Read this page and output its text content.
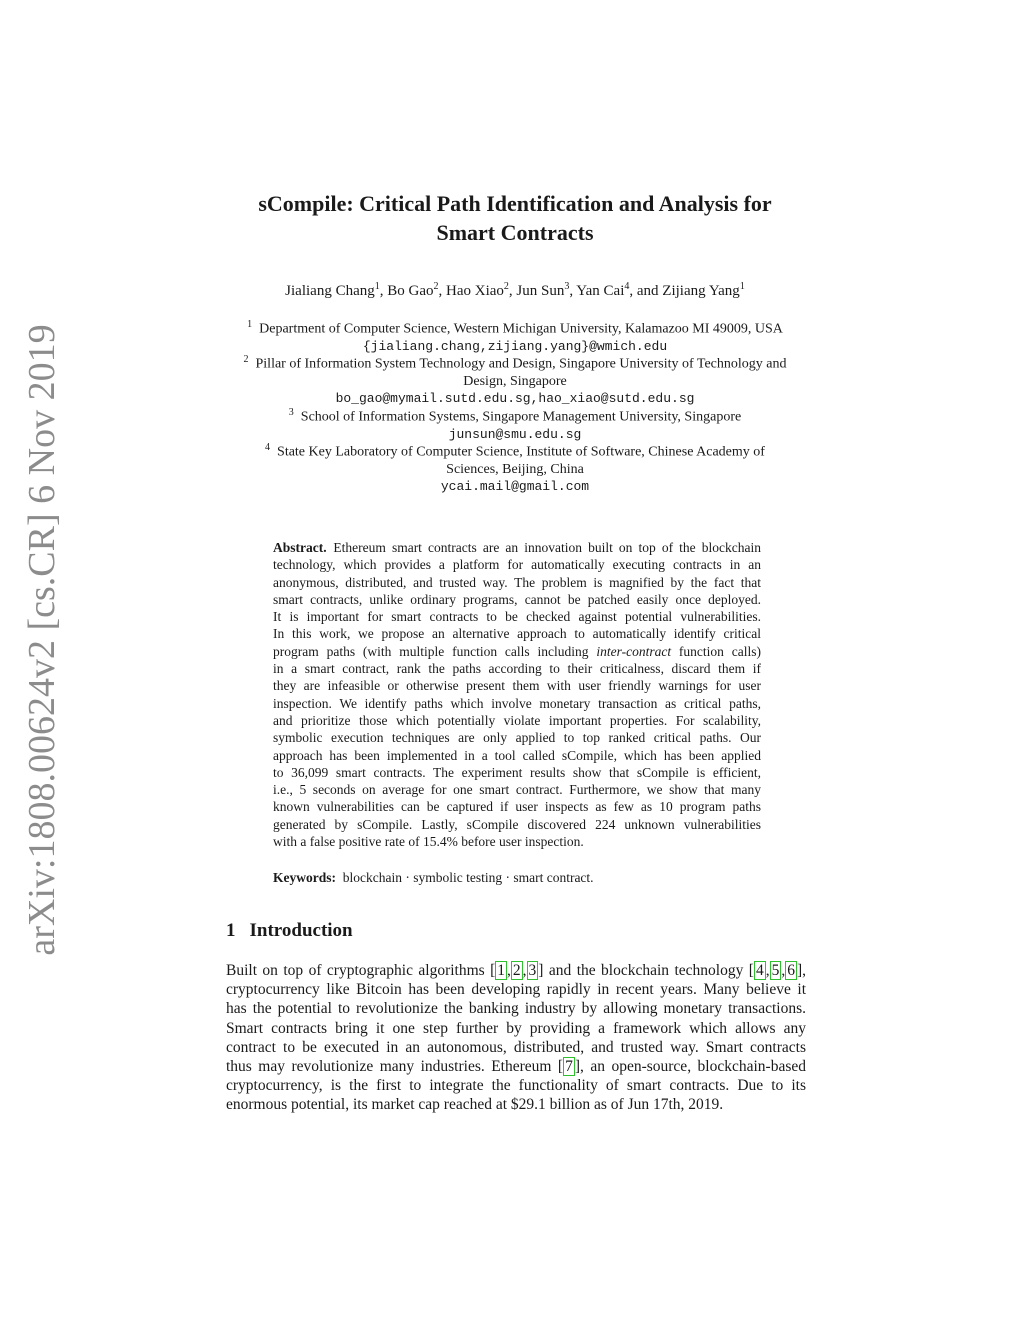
arXiv:1808.00624v2 [cs.CR] 6 Nov 2019
sCompile: Critical Path Identification and Analysis for
Smart Contracts
Jialiang Chang$^1$, Bo Gao$^2$, Hao Xiao$^2$, Jun Sun$^3$, Yan Cai$^4$, and Zijiang Yang$^1$
$^1$  Department of Computer Science, Western Michigan University, Kalamazoo MI 49009, USA
{jialiang.chang,zijiang.yang}@wmich.edu
$^2$  Pillar of Information System Technology and Design, Singapore University of Technology and
Design, Singapore
bo_gao@mymail.sutd.edu.sg,hao_xiao@sutd.edu.sg
$^3$  School of Information Systems, Singapore Management University, Singapore
junsun@smu.edu.sg
$^4$  State Key Laboratory of Computer Science, Institute of Software, Chinese Academy of
Sciences, Beijing, China
ycai.mail@gmail.com
Abstract.  Ethereum smart contracts are an innovation built on top of the blockchain
technology, which provides a platform for automatically executing contracts in an
anonymous, distributed, and trusted way. The problem is magnified by the fact that
smart contracts, unlike ordinary programs, cannot be patched easily once deployed.
It is important for smart contracts to be checked against potential vulnerabilities.
In this work, we propose an alternative approach to automatically identify critical
program paths (with multiple function calls including inter-contract function calls)
in a smart contract, rank the paths according to their criticalness, discard them if
they are infeasible or otherwise present them with user friendly warnings for user
inspection. We identify paths which involve monetary transaction as critical paths,
and prioritize those which potentially violate important properties. For scalability,
symbolic execution techniques are only applied to top ranked critical paths. Our
approach has been implemented in a tool called sCompile, which has been applied
to 36,099 smart contracts. The experiment results show that sCompile is efficient,
i.e., 5 seconds on average for one smart contract. Furthermore, we show that many
known vulnerabilities can be captured if user inspects as few as 10 program paths
generated by sCompile. Lastly, sCompile discovered 224 unknown vulnerabilities
with a false positive rate of 15.4% before user inspection.
Keywords: blockchain · symbolic testing · smart contract.
1 Introduction
Built on top of cryptographic algorithms [ 1 , 2 , 3 ] and the blockchain technology [ 4 , 5 , 6 ],
cryptocurrency like Bitcoin has been developing rapidly in recent years. Many believe it
has the potential to revolutionize the banking industry by allowing monetary transactions.
Smart contracts bring it one step further by providing a framework which allows any
contract to be executed in an autonomous, distributed, and trusted way. Smart contracts
thus may revolutionize many industries. Ethereum [ 7 ], an open-source, blockchain-based
cryptocurrency, is the first to integrate the functionality of smart contracts. Due to its
enormous potential, its market cap reached at $29.1 billion as of Jun 17th, 2019.
